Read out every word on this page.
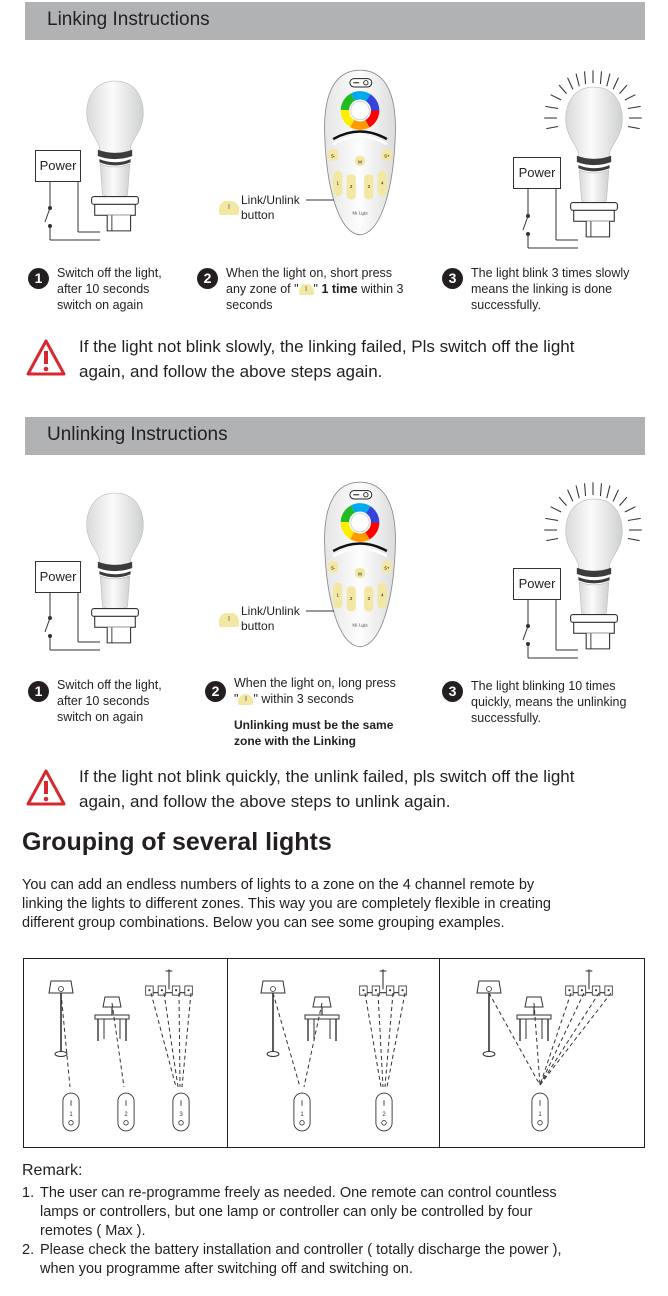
Linking Instructions
Power
I
Link/Unlink
button
Power
1	Switch off the light,
after 10 seconds
switch on again
2	When the light on, short press
any zone of " I " 1 time within 3
seconds
3	The light blink 3 times slowly
means the linking is done
successfully.
If the light not blink slowly, the linking failed, Pls switch off the light
again, and follow the above steps again.
Unlinking Instructions
Power
I
Link/Unlink
button
Power
1	Switch off the light,
after 10 seconds
switch on again
2	When the light on, long press
" I " within 3 seconds
Unlinking must be the same
zone with the Linking
3	The light blinking 10 times
quickly, means the unlinking
successfully.
If the light not blink quickly, the unlink failed, pls switch off the light
again, and follow the above steps to unlink again.
Grouping of several lights
You can add an endless numbers of lights to a zone on the 4 channel remote by
linking the lights to different zones. This way you are completely flexible in creating
different group combinations. Below you can see some grouping examples.
1	2	3	1	2	1
Remark:
1. The user can re-programme freely as needed. One remote can control countless
lamps or controllers, but one lamp or controller can only be controlled by four
remotes ( Max ).
2. Please check the battery installation and controller ( totally discharge the power ),
when you programme after switching off and switching on.
